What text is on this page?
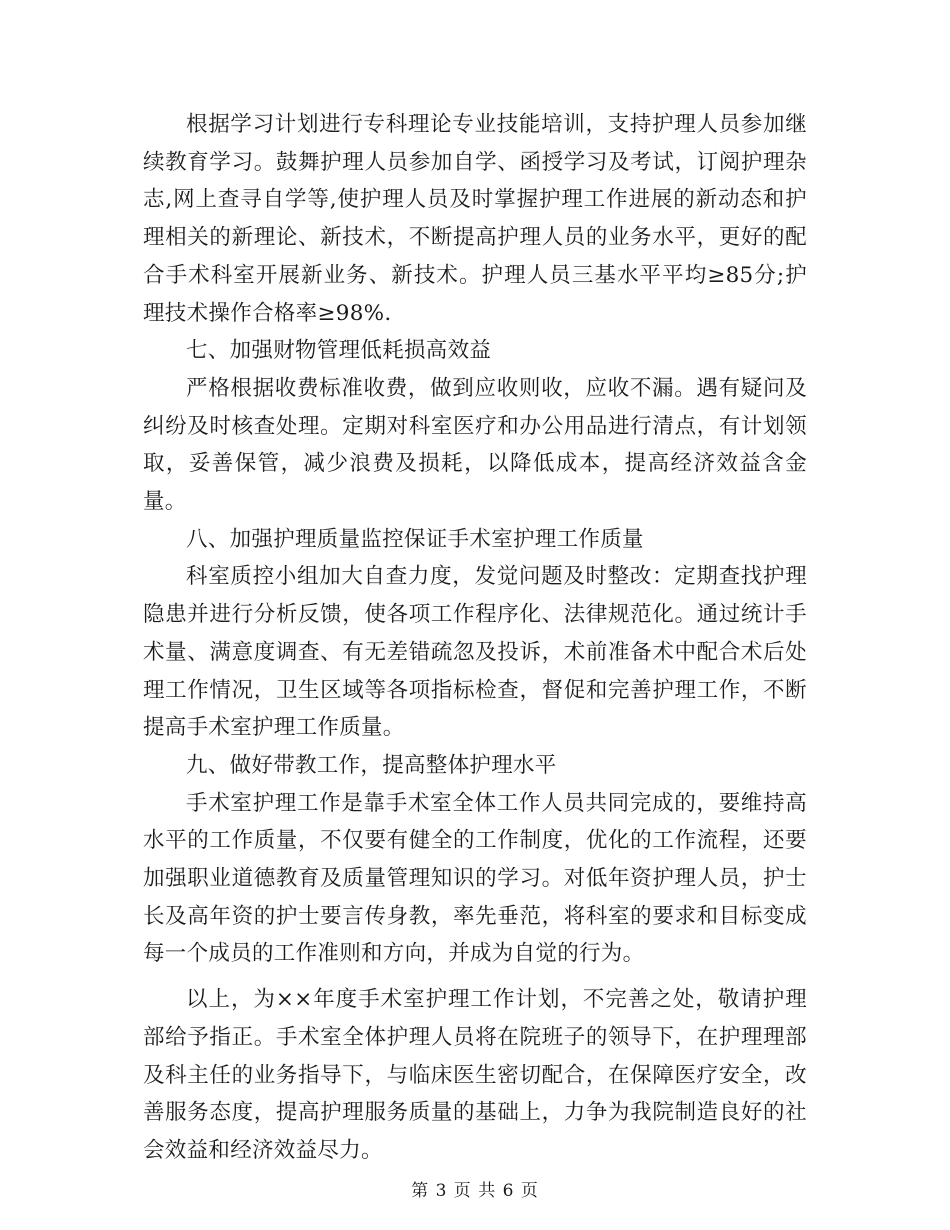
根据学习计划进行专科理论专业技能培训，支持护理人员参加继续教育学习。鼓舞护理人员参加自学、函授学习及考试，订阅护理杂志,网上查寻自学等,使护理人员及时掌握护理工作进展的新动态和护理相关的新理论、新技术，不断提高护理人员的业务水平，更好的配合手术科室开展新业务、新技术。护理人员三基水平平均≥85分;护理技术操作合格率≥98%.

七、加强财物管理低耗损高效益

严格根据收费标准收费，做到应收则收，应收不漏。遇有疑问及纠纷及时核查处理。定期对科室医疗和办公用品进行清点，有计划领取，妥善保管，减少浪费及损耗，以降低成本，提高经济效益含金量。

八、加强护理质量监控保证手术室护理工作质量

科室质控小组加大自查力度，发觉问题及时整改：定期查找护理隐患并进行分析反馈，使各项工作程序化、法律规范化。通过统计手术量、满意度调查、有无差错疏忽及投诉，术前准备术中配合术后处理工作情况，卫生区域等各项指标检查，督促和完善护理工作，不断提高手术室护理工作质量。

九、做好带教工作，提高整体护理水平

手术室护理工作是靠手术室全体工作人员共同完成的，要维持高水平的工作质量，不仅要有健全的工作制度，优化的工作流程，还要加强职业道德教育及质量管理知识的学习。对低年资护理人员，护士长及高年资的护士要言传身教，率先垂范，将科室的要求和目标变成每一个成员的工作准则和方向，并成为自觉的行为。

以上，为××年度手术室护理工作计划，不完善之处，敬请护理部给予指正。手术室全体护理人员将在院班子的领导下，在护理理部及科主任的业务指导下，与临床医生密切配合，在保障医疗安全，改善服务态度，提高护理服务质量的基础上，力争为我院制造良好的社会效益和经济效益尽力。

第 3 页 共 6 页
